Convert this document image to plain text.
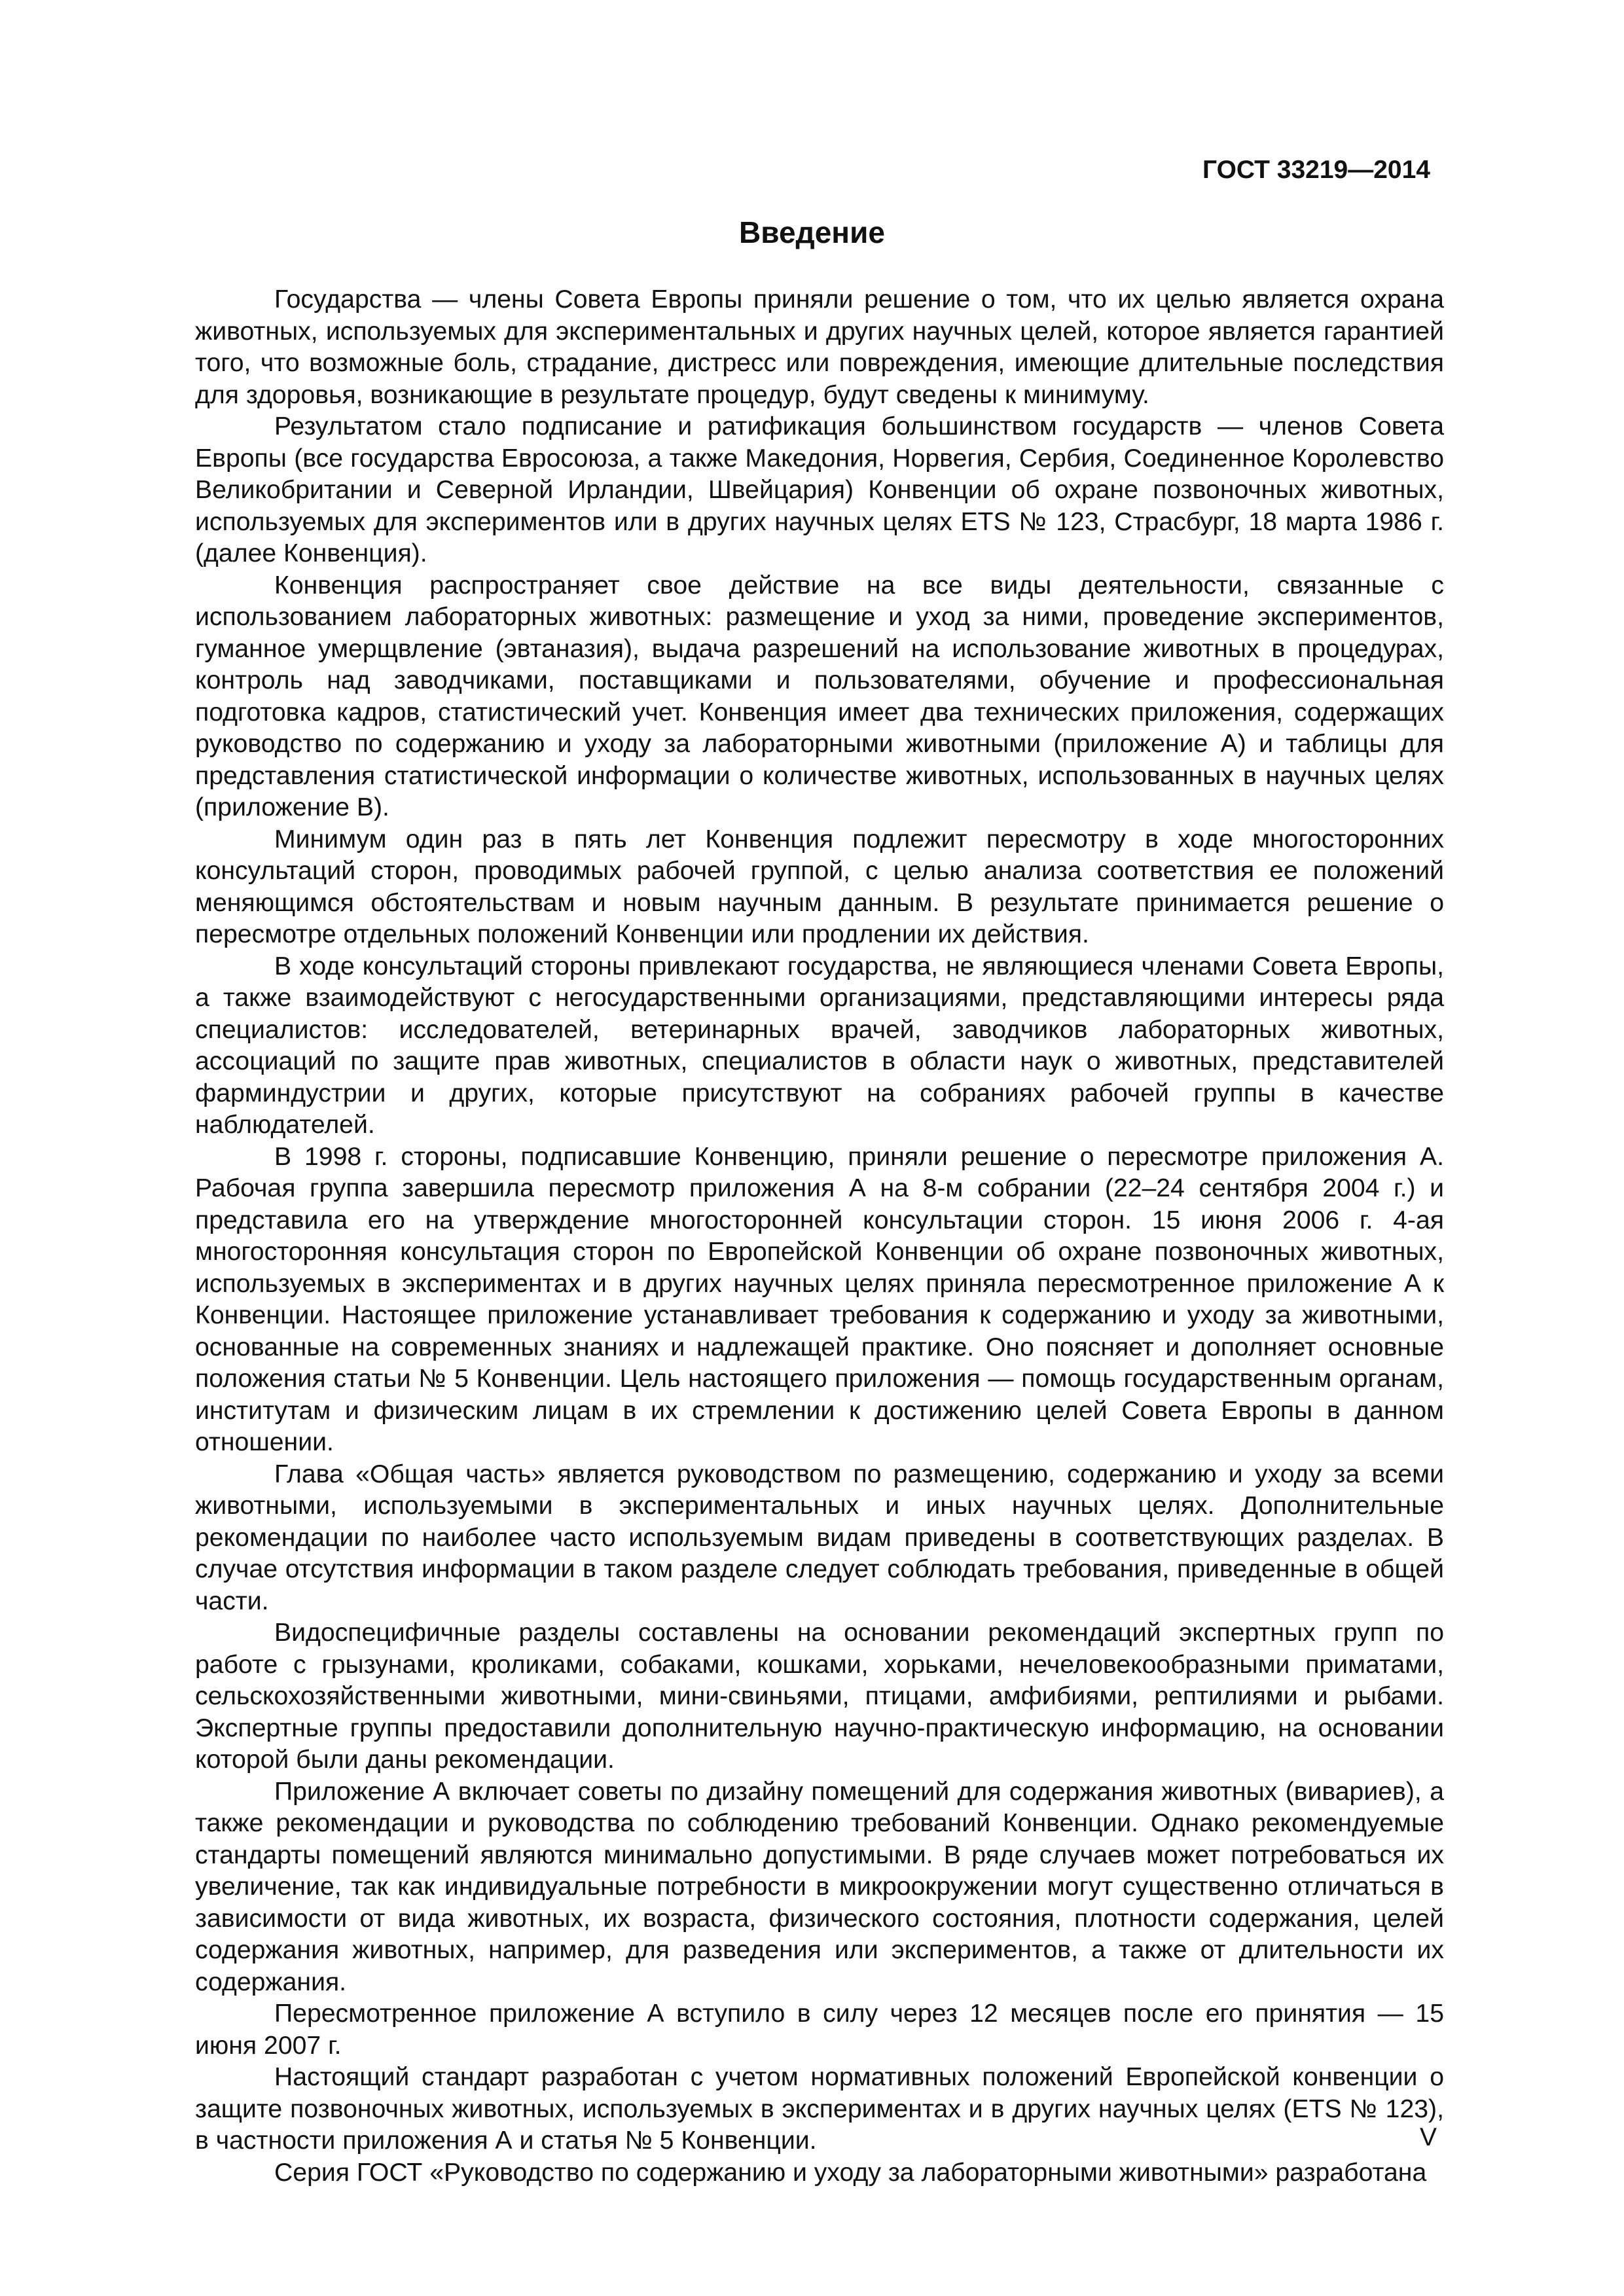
ГОСТ 33219—2014

Введение

Государства — члены Совета Европы приняли решение о том, что их целью является охрана животных, используемых для экспериментальных и других научных целей, которое является гарантией того, что возможные боль, страдание, дистресс или повреждения, имеющие длительные последствия для здоровья, возникающие в результате процедур, будут сведены к минимуму.

Результатом стало подписание и ратификация большинством государств — членов Совета Европы (все государства Евросоюза, а также Македония, Норвегия, Сербия, Соединенное Королевство Великобритании и Северной Ирландии, Швейцария) Конвенции об охране позвоночных животных, используемых для экспериментов или в других научных целях ETS № 123, Страсбург, 18 марта 1986 г. (далее Конвенция).

Конвенция распространяет свое действие на все виды деятельности, связанные с использованием лабораторных животных: размещение и уход за ними, проведение экспериментов, гуманное умерщвление (эвтаназия), выдача разрешений на использование животных в процедурах, контроль над заводчиками, поставщиками и пользователями, обучение и профессиональная подготовка кадров, статистический учет. Конвенция имеет два технических приложения, содержащих руководство по содержанию и уходу за лабораторными животными (приложение А) и таблицы для представления статистической информации о количестве животных, использованных в научных целях (приложение В).

Минимум один раз в пять лет Конвенция подлежит пересмотру в ходе многосторонних консультаций сторон, проводимых рабочей группой, с целью анализа соответствия ее положений меняющимся обстоятельствам и новым научным данным. В результате принимается решение о пересмотре отдельных положений Конвенции или продлении их действия.

В ходе консультаций стороны привлекают государства, не являющиеся членами Совета Европы, а также взаимодействуют с негосударственными организациями, представляющими интересы ряда специалистов: исследователей, ветеринарных врачей, заводчиков лабораторных животных, ассоциаций по защите прав животных, специалистов в области наук о животных, представителей фарминдустрии и других, которые присутствуют на собраниях рабочей группы в качестве наблюдателей.

В 1998 г. стороны, подписавшие Конвенцию, приняли решение о пересмотре приложения А. Рабочая группа завершила пересмотр приложения А на 8-м собрании (22–24 сентября 2004 г.) и представила его на утверждение многосторонней консультации сторон. 15 июня 2006 г. 4-ая многосторонняя консультация сторон по Европейской Конвенции об охране позвоночных животных, используемых в экспериментах и в других научных целях приняла пересмотренное приложение А к Конвенции. Настоящее приложение устанавливает требования к содержанию и уходу за животными, основанные на современных знаниях и надлежащей практике. Оно поясняет и дополняет основные положения статьи № 5 Конвенции. Цель настоящего приложения — помощь государственным органам, институтам и физическим лицам в их стремлении к достижению целей Совета Европы в данном отношении.

Глава «Общая часть» является руководством по размещению, содержанию и уходу за всеми животными, используемыми в экспериментальных и иных научных целях. Дополнительные рекомендации по наиболее часто используемым видам приведены в соответствующих разделах. В случае отсутствия информации в таком разделе следует соблюдать требования, приведенные в общей части.

Видоспецифичные разделы составлены на основании рекомендаций экспертных групп по работе с грызунами, кроликами, собаками, кошками, хорьками, нечеловекообразными приматами, сельскохозяйственными животными, мини-свиньями, птицами, амфибиями, рептилиями и рыбами. Экспертные группы предоставили дополнительную научно-практическую информацию, на основании которой были даны рекомендации.

Приложение А включает советы по дизайну помещений для содержания животных (вивариев), а также рекомендации и руководства по соблюдению требований Конвенции. Однако рекомендуемые стандарты помещений являются минимально допустимыми. В ряде случаев может потребоваться их увеличение, так как индивидуальные потребности в микроокружении могут существенно отличаться в зависимости от вида животных, их возраста, физического состояния, плотности содержания, целей содержания животных, например, для разведения или экспериментов, а также от длительности их содержания.

Пересмотренное приложение А вступило в силу через 12 месяцев после его принятия — 15 июня 2007 г.

Настоящий стандарт разработан с учетом нормативных положений Европейской конвенции о защите позвоночных животных, используемых в экспериментах и в других научных целях (ETS № 123), в частности приложения А и статья № 5 Конвенции.

Серия ГОСТ «Руководство по содержанию и уходу за лабораторными животными» разработана

V
